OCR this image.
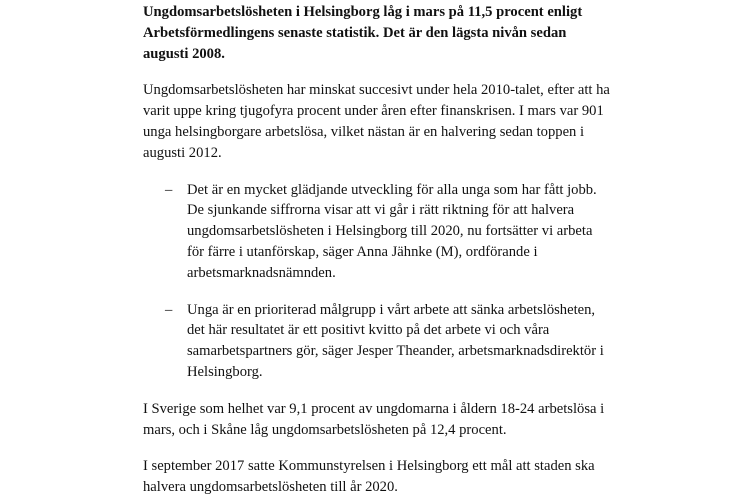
Ungdomsarbetslösheten i Helsingborg låg i mars på 11,5 procent enligt Arbetsförmedlingens senaste statistik. Det är den lägsta nivån sedan augusti 2008.

Ungdomsarbetslösheten har minskat succesivt under hela 2010-talet, efter att ha varit uppe kring tjugofyra procent under åren efter finanskrisen. I mars var 901 unga helsingborgare arbetslösa, vilket nästan är en halvering sedan toppen i augusti 2012.

– Det är en mycket glädjande utveckling för alla unga som har fått jobb. De sjunkande siffrorna visar att vi går i rätt riktning för att halvera ungdomsarbetslösheten i Helsingborg till 2020, nu fortsätter vi arbeta för färre i utanförskap, säger Anna Jähnke (M), ordförande i arbetsmarknadsnämnden.
– Unga är en prioriterad målgrupp i vårt arbete att sänka arbetslösheten, det här resultatet är ett positivt kvitto på det arbete vi och våra samarbetspartners gör, säger Jesper Theander, arbetsmarknadsdirektör i Helsingborg.

I Sverige som helhet var 9,1 procent av ungdomarna i åldern 18-24 arbetslösa i mars, och i Skåne låg ungdomsarbetslösheten på 12,4 procent.

I september 2017 satte Kommunstyrelsen i Helsingborg ett mål att staden ska halvera ungdomsarbetslösheten till år 2020.
